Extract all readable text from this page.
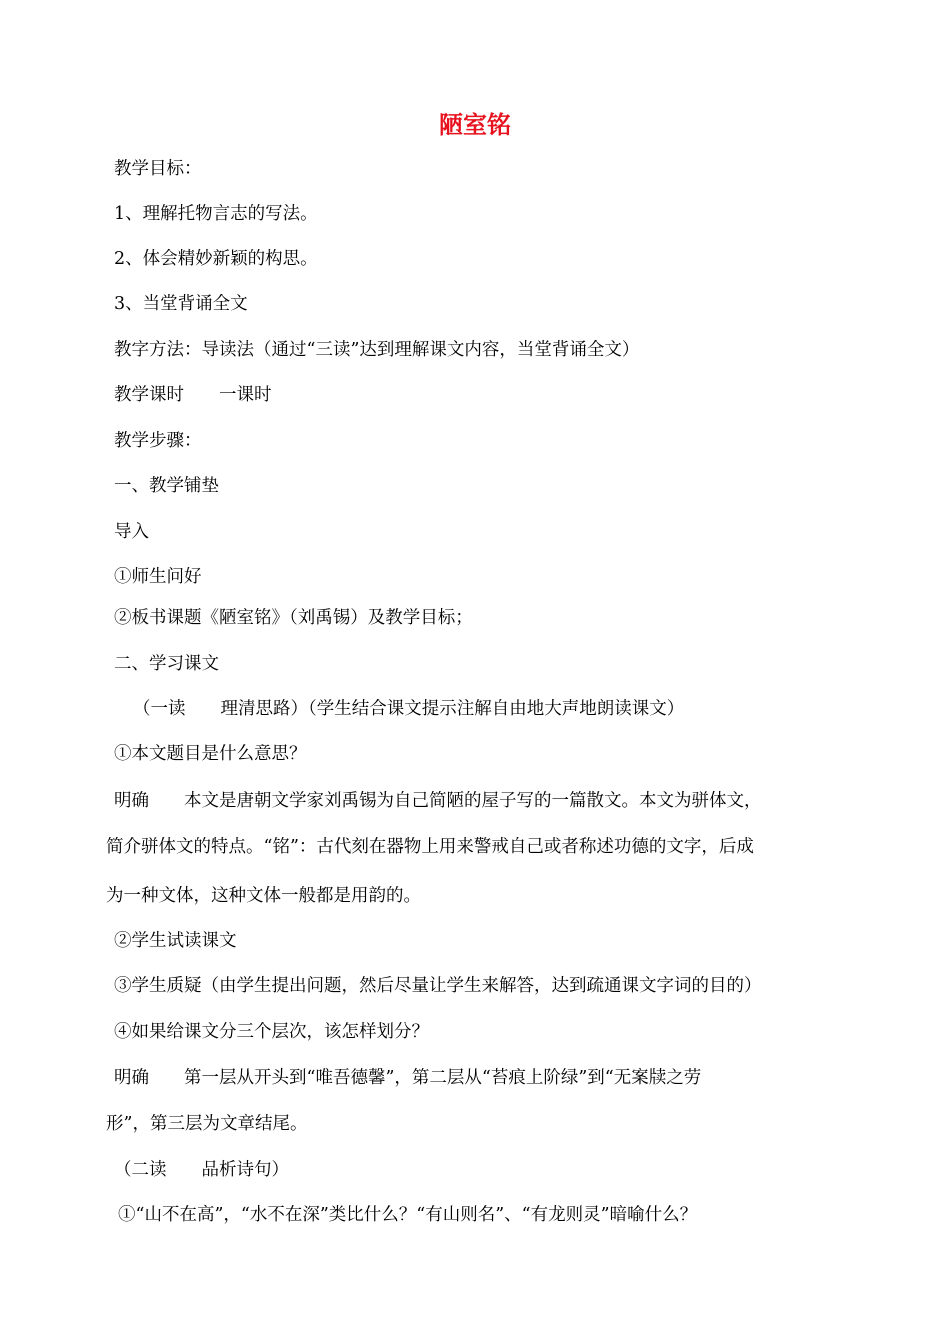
陋室铭
教学目标：
1、理解托物言志的写法。
2、体会精妙新颖的构思。
3、当堂背诵全文
教字方法：导读法（通过“三读”达到理解课文内容，当堂背诵全文）
教学课时　　一课时
教学步骤：
一、教学铺垫
导入
①师生问好
②板书课题《陋室铭》（刘禹锡）及教学目标；
二、学习课文
（一读　　理清思路）（学生结合课文提示注解自由地大声地朗读课文）
①本文题目是什么意思？
明确　　本文是唐朝文学家刘禹锡为自己简陋的屋子写的一篇散文。本文为骈体文，
简介骈体文的特点。“铭”：古代刻在器物上用来警戒自己或者称述功德的文字，后成
为一种文体，这种文体一般都是用韵的。
②学生试读课文
③学生质疑（由学生提出问题，然后尽量让学生来解答，达到疏通课文字词的目的）
④如果给课文分三个层次，该怎样划分？
明确　　第一层从开头到“唯吾德馨”，第二层从“苔痕上阶绿”到“无案牍之劳
形”，第三层为文章结尾。
（二读　　品析诗句）
①“山不在高”，“水不在深”类比什么？“有山则名”、“有龙则灵”暗喻什么？
